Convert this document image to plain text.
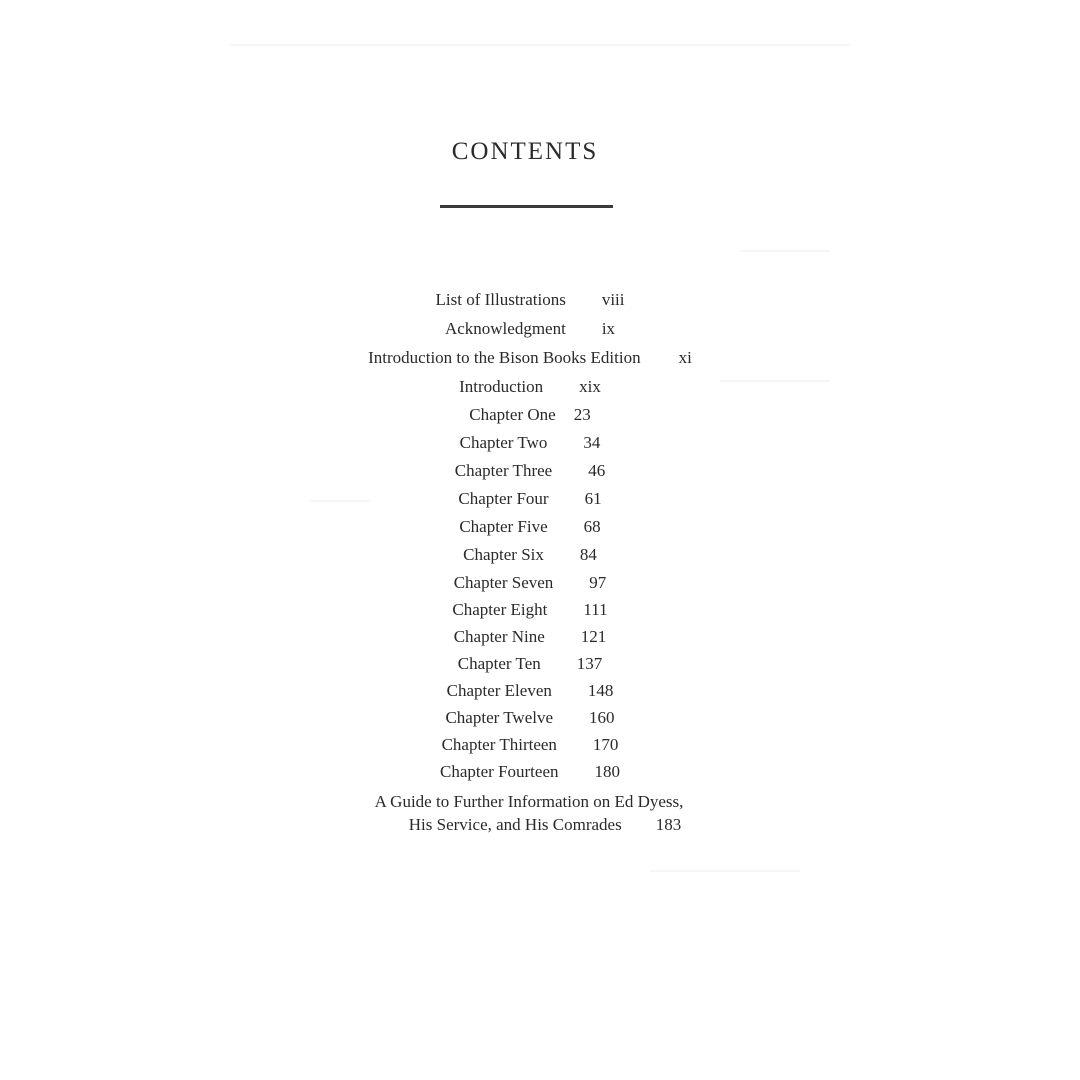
CONTENTS
List of Illustrations viii
Acknowledgment ix
Introduction to the Bison Books Edition xi
Introduction xix
Chapter One 23
Chapter Two 34
Chapter Three 46
Chapter Four 61
Chapter Five 68
Chapter Six 84
Chapter Seven 97
Chapter Eight 111
Chapter Nine 121
Chapter Ten 137
Chapter Eleven 148
Chapter Twelve 160
Chapter Thirteen 170
Chapter Fourteen 180
A Guide to Further Information on Ed Dyess,
His Service, and His Comrades 183
